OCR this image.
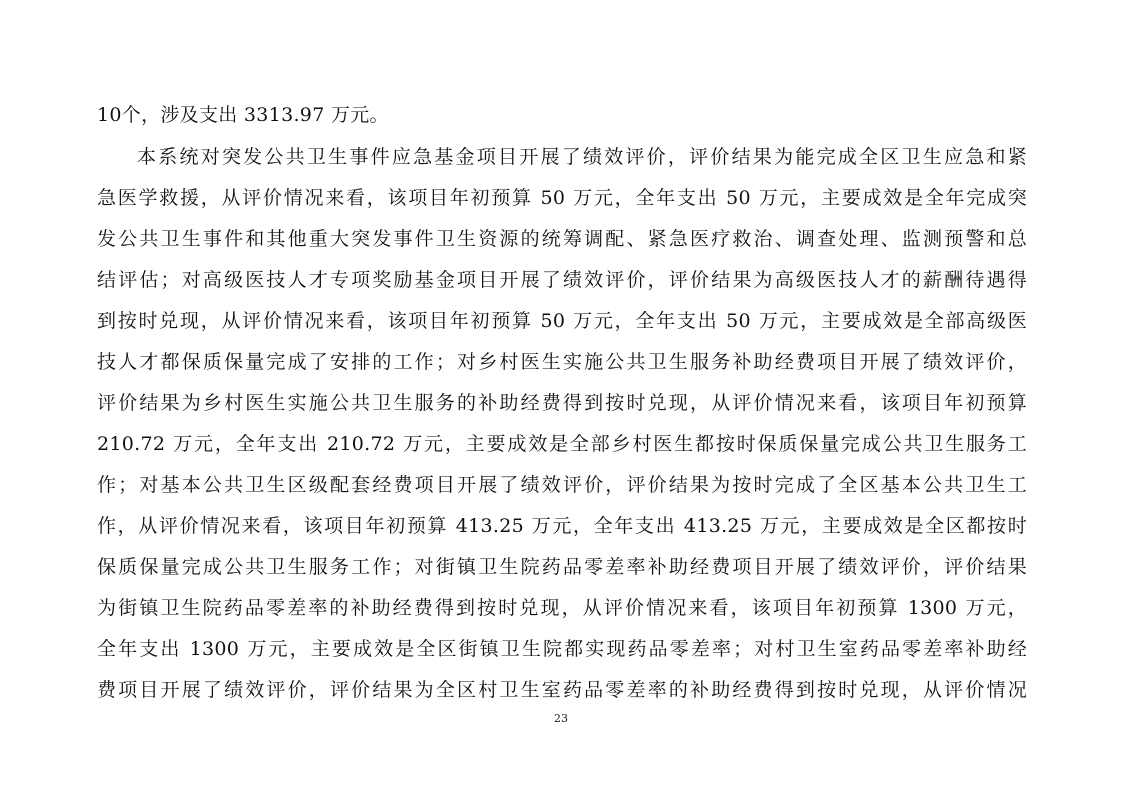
10个，涉及支出 3313.97 万元。
本系统对突发公共卫生事件应急基金项目开展了绩效评价，评价结果为能完成全区卫生应急和紧
急医学救援，从评价情况来看，该项目年初预算 50 万元，全年支出 50 万元，主要成效是全年完成突
发公共卫生事件和其他重大突发事件卫生资源的统筹调配、紧急医疗救治、调查处理、监测预警和总
结评估；对高级医技人才专项奖励基金项目开展了绩效评价，评价结果为高级医技人才的薪酬待遇得
到按时兑现，从评价情况来看，该项目年初预算 50 万元，全年支出 50 万元，主要成效是全部高级医
技人才都保质保量完成了安排的工作；对乡村医生实施公共卫生服务补助经费项目开展了绩效评价，
评价结果为乡村医生实施公共卫生服务的补助经费得到按时兑现，从评价情况来看，该项目年初预算
210.72 万元，全年支出 210.72 万元，主要成效是全部乡村医生都按时保质保量完成公共卫生服务工
作；对基本公共卫生区级配套经费项目开展了绩效评价，评价结果为按时完成了全区基本公共卫生工
作，从评价情况来看，该项目年初预算 413.25 万元，全年支出 413.25 万元，主要成效是全区都按时
保质保量完成公共卫生服务工作；对街镇卫生院药品零差率补助经费项目开展了绩效评价，评价结果
为街镇卫生院药品零差率的补助经费得到按时兑现，从评价情况来看，该项目年初预算 1300 万元，
全年支出 1300 万元，主要成效是全区街镇卫生院都实现药品零差率；对村卫生室药品零差率补助经
费项目开展了绩效评价，评价结果为全区村卫生室药品零差率的补助经费得到按时兑现，从评价情况
23
